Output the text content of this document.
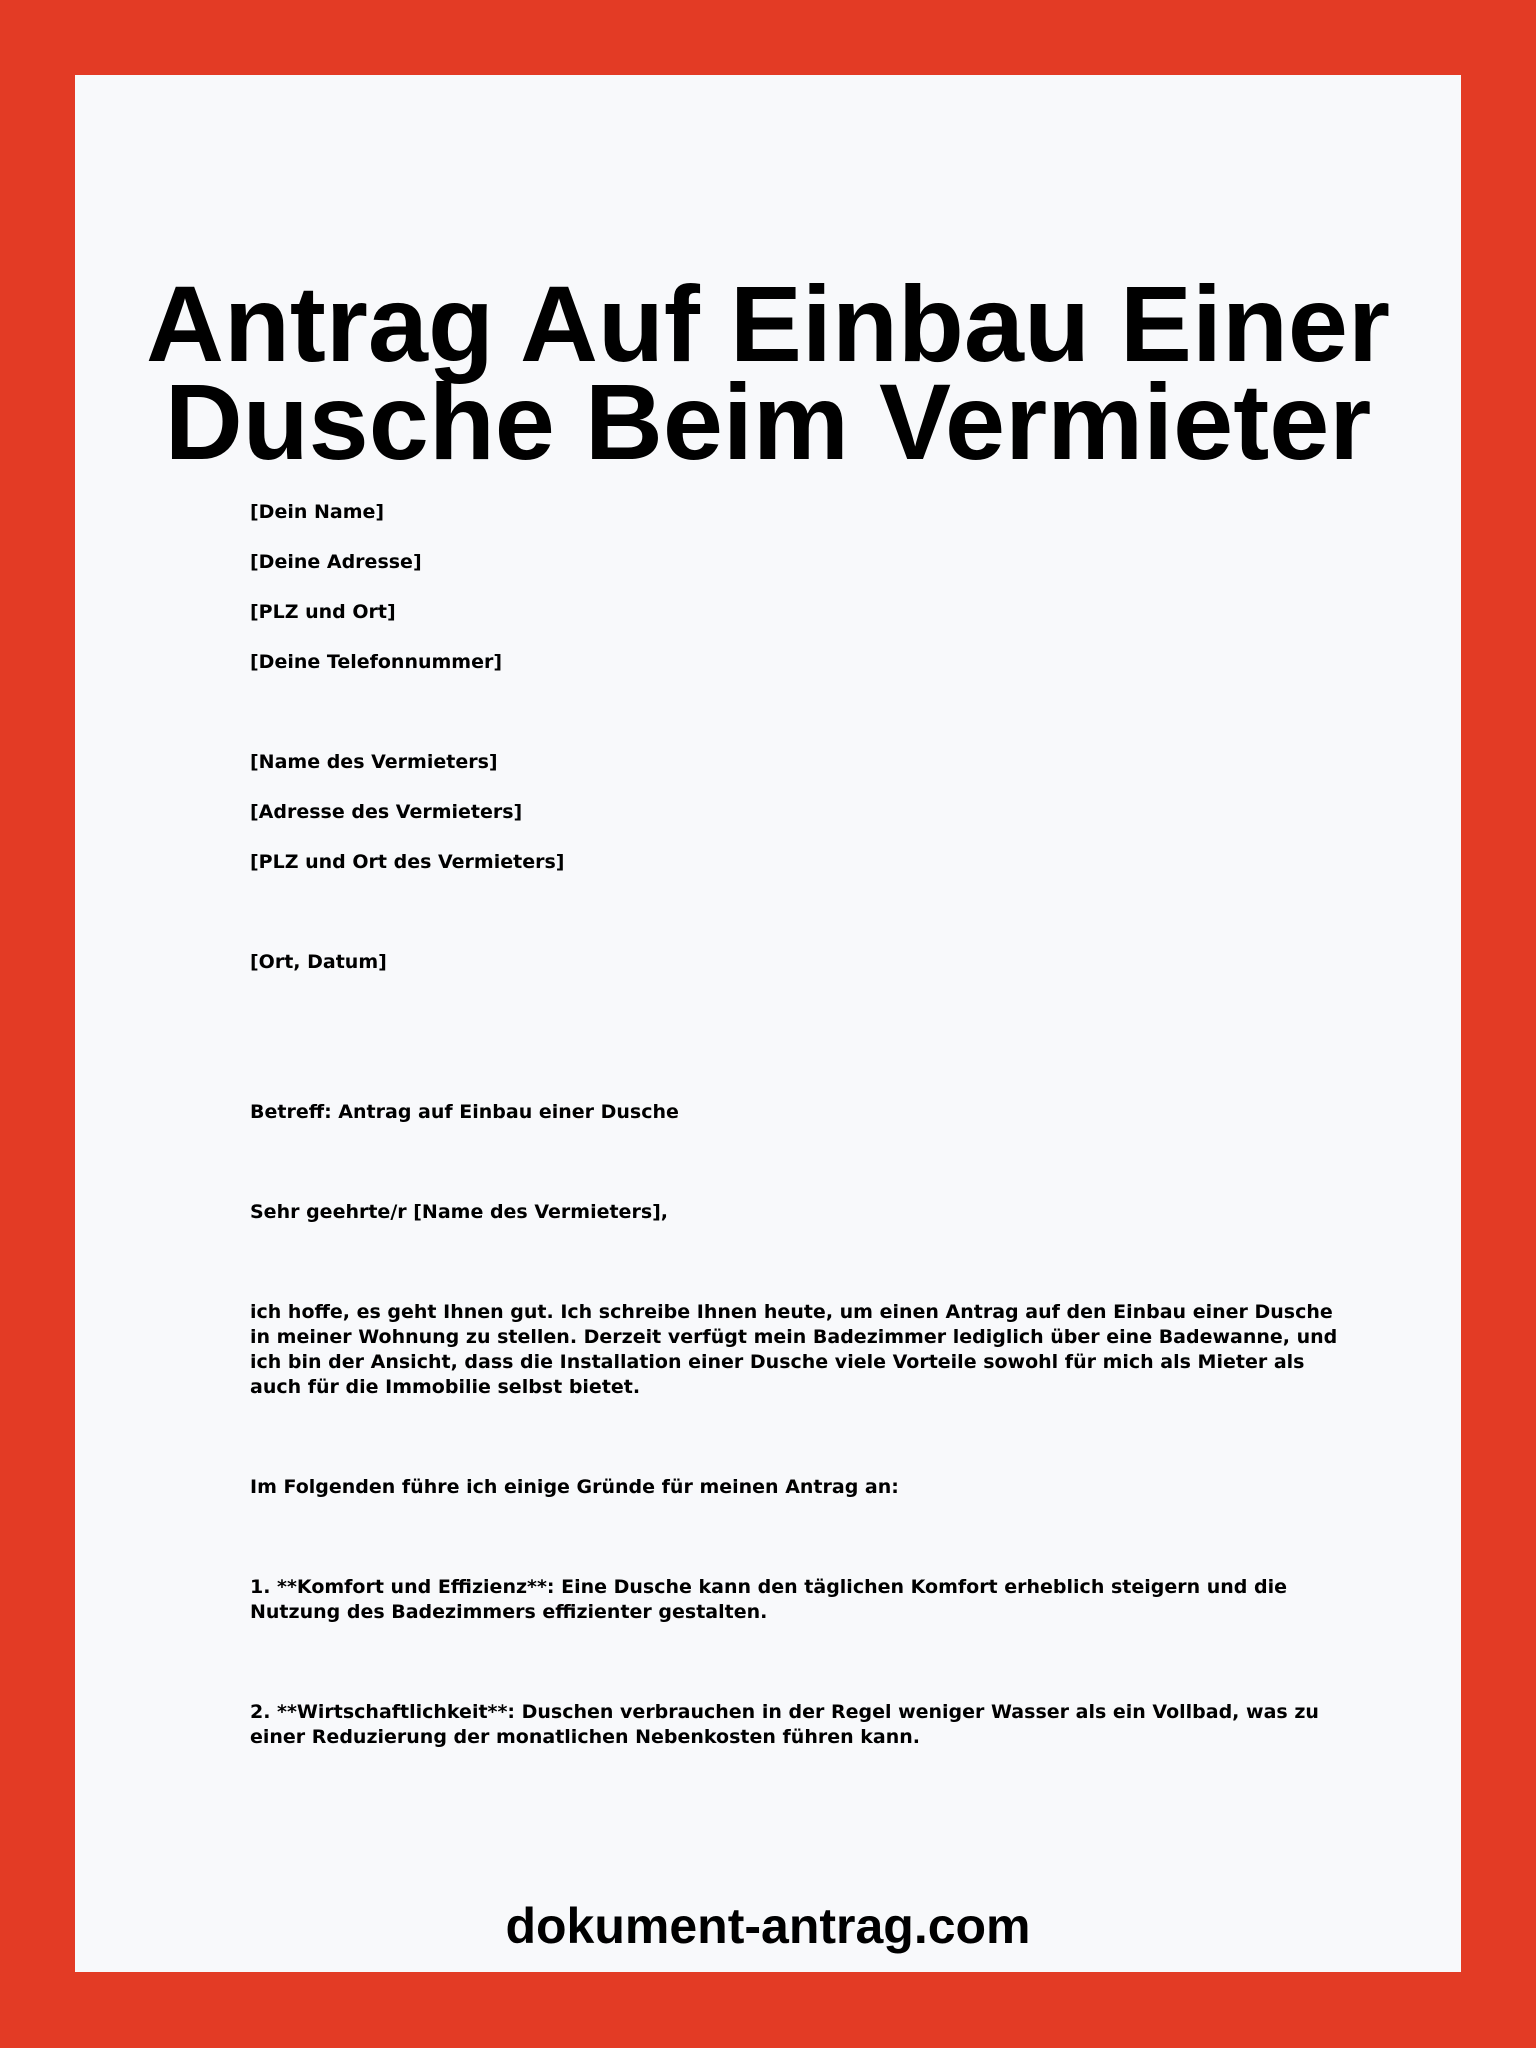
Antrag Auf Einbau Einer
Dusche Beim Vermieter

[Dein Name]

[Deine Adresse]

[PLZ und Ort]

[Deine Telefonnummer]

[Name des Vermieters]

[Adresse des Vermieters]

[PLZ und Ort des Vermieters]

[Ort, Datum]

Betreff: Antrag auf Einbau einer Dusche

Sehr geehrte/r [Name des Vermieters],

ich hoffe, es geht Ihnen gut. Ich schreibe Ihnen heute, um einen Antrag auf den Einbau einer Dusche in meiner Wohnung zu stellen. Derzeit verfügt mein Badezimmer lediglich über eine Badewanne, und ich bin der Ansicht, dass die Installation einer Dusche viele Vorteile sowohl für mich als Mieter als auch für die Immobilie selbst bietet.

Im Folgenden führe ich einige Gründe für meinen Antrag an:

1. **Komfort und Effizienz**: Eine Dusche kann den täglichen Komfort erheblich steigern und die Nutzung des Badezimmers effizienter gestalten.

2. **Wirtschaftlichkeit**: Duschen verbrauchen in der Regel weniger Wasser als ein Vollbad, was zu einer Reduzierung der monatlichen Nebenkosten führen kann.

dokument-antrag.com
